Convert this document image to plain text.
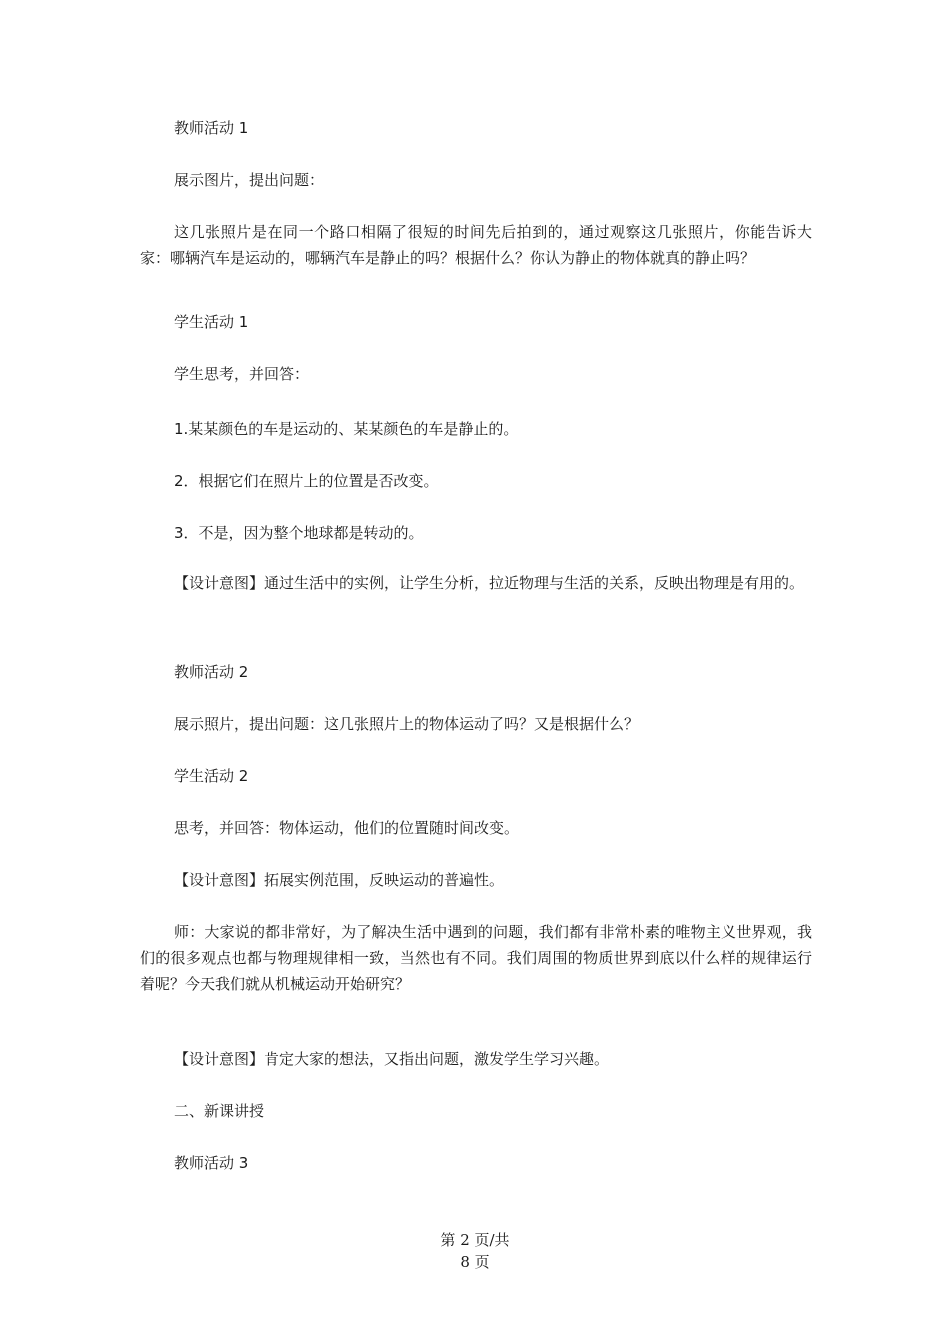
教师活动 1

展示图片，提出问题：

这几张照片是在同一个路口相隔了很短的时间先后拍到的，通过观察这几张照片，你能告诉大家：哪辆汽车是运动的，哪辆汽车是静止的吗？根据什么？你认为静止的物体就真的静止吗？

学生活动 1

学生思考，并回答：

1.某某颜色的车是运动的、某某颜色的车是静止的。

2．根据它们在照片上的位置是否改变。

3．不是，因为整个地球都是转动的。

【设计意图】通过生活中的实例，让学生分析，拉近物理与生活的关系，反映出物理是有用的。

教师活动 2

展示照片，提出问题：这几张照片上的物体运动了吗？又是根据什么？

学生活动 2

思考，并回答：物体运动，他们的位置随时间改变。

【设计意图】拓展实例范围，反映运动的普遍性。

师：大家说的都非常好，为了解决生活中遇到的问题，我们都有非常朴素的唯物主义世界观，我们的很多观点也都与物理规律相一致，当然也有不同。我们周围的物质世界到底以什么样的规律运行着呢？今天我们就从机械运动开始研究？

【设计意图】肯定大家的想法，又指出问题，激发学生学习兴趣。

二、新课讲授

教师活动 3

第 2 页/共
8 页
